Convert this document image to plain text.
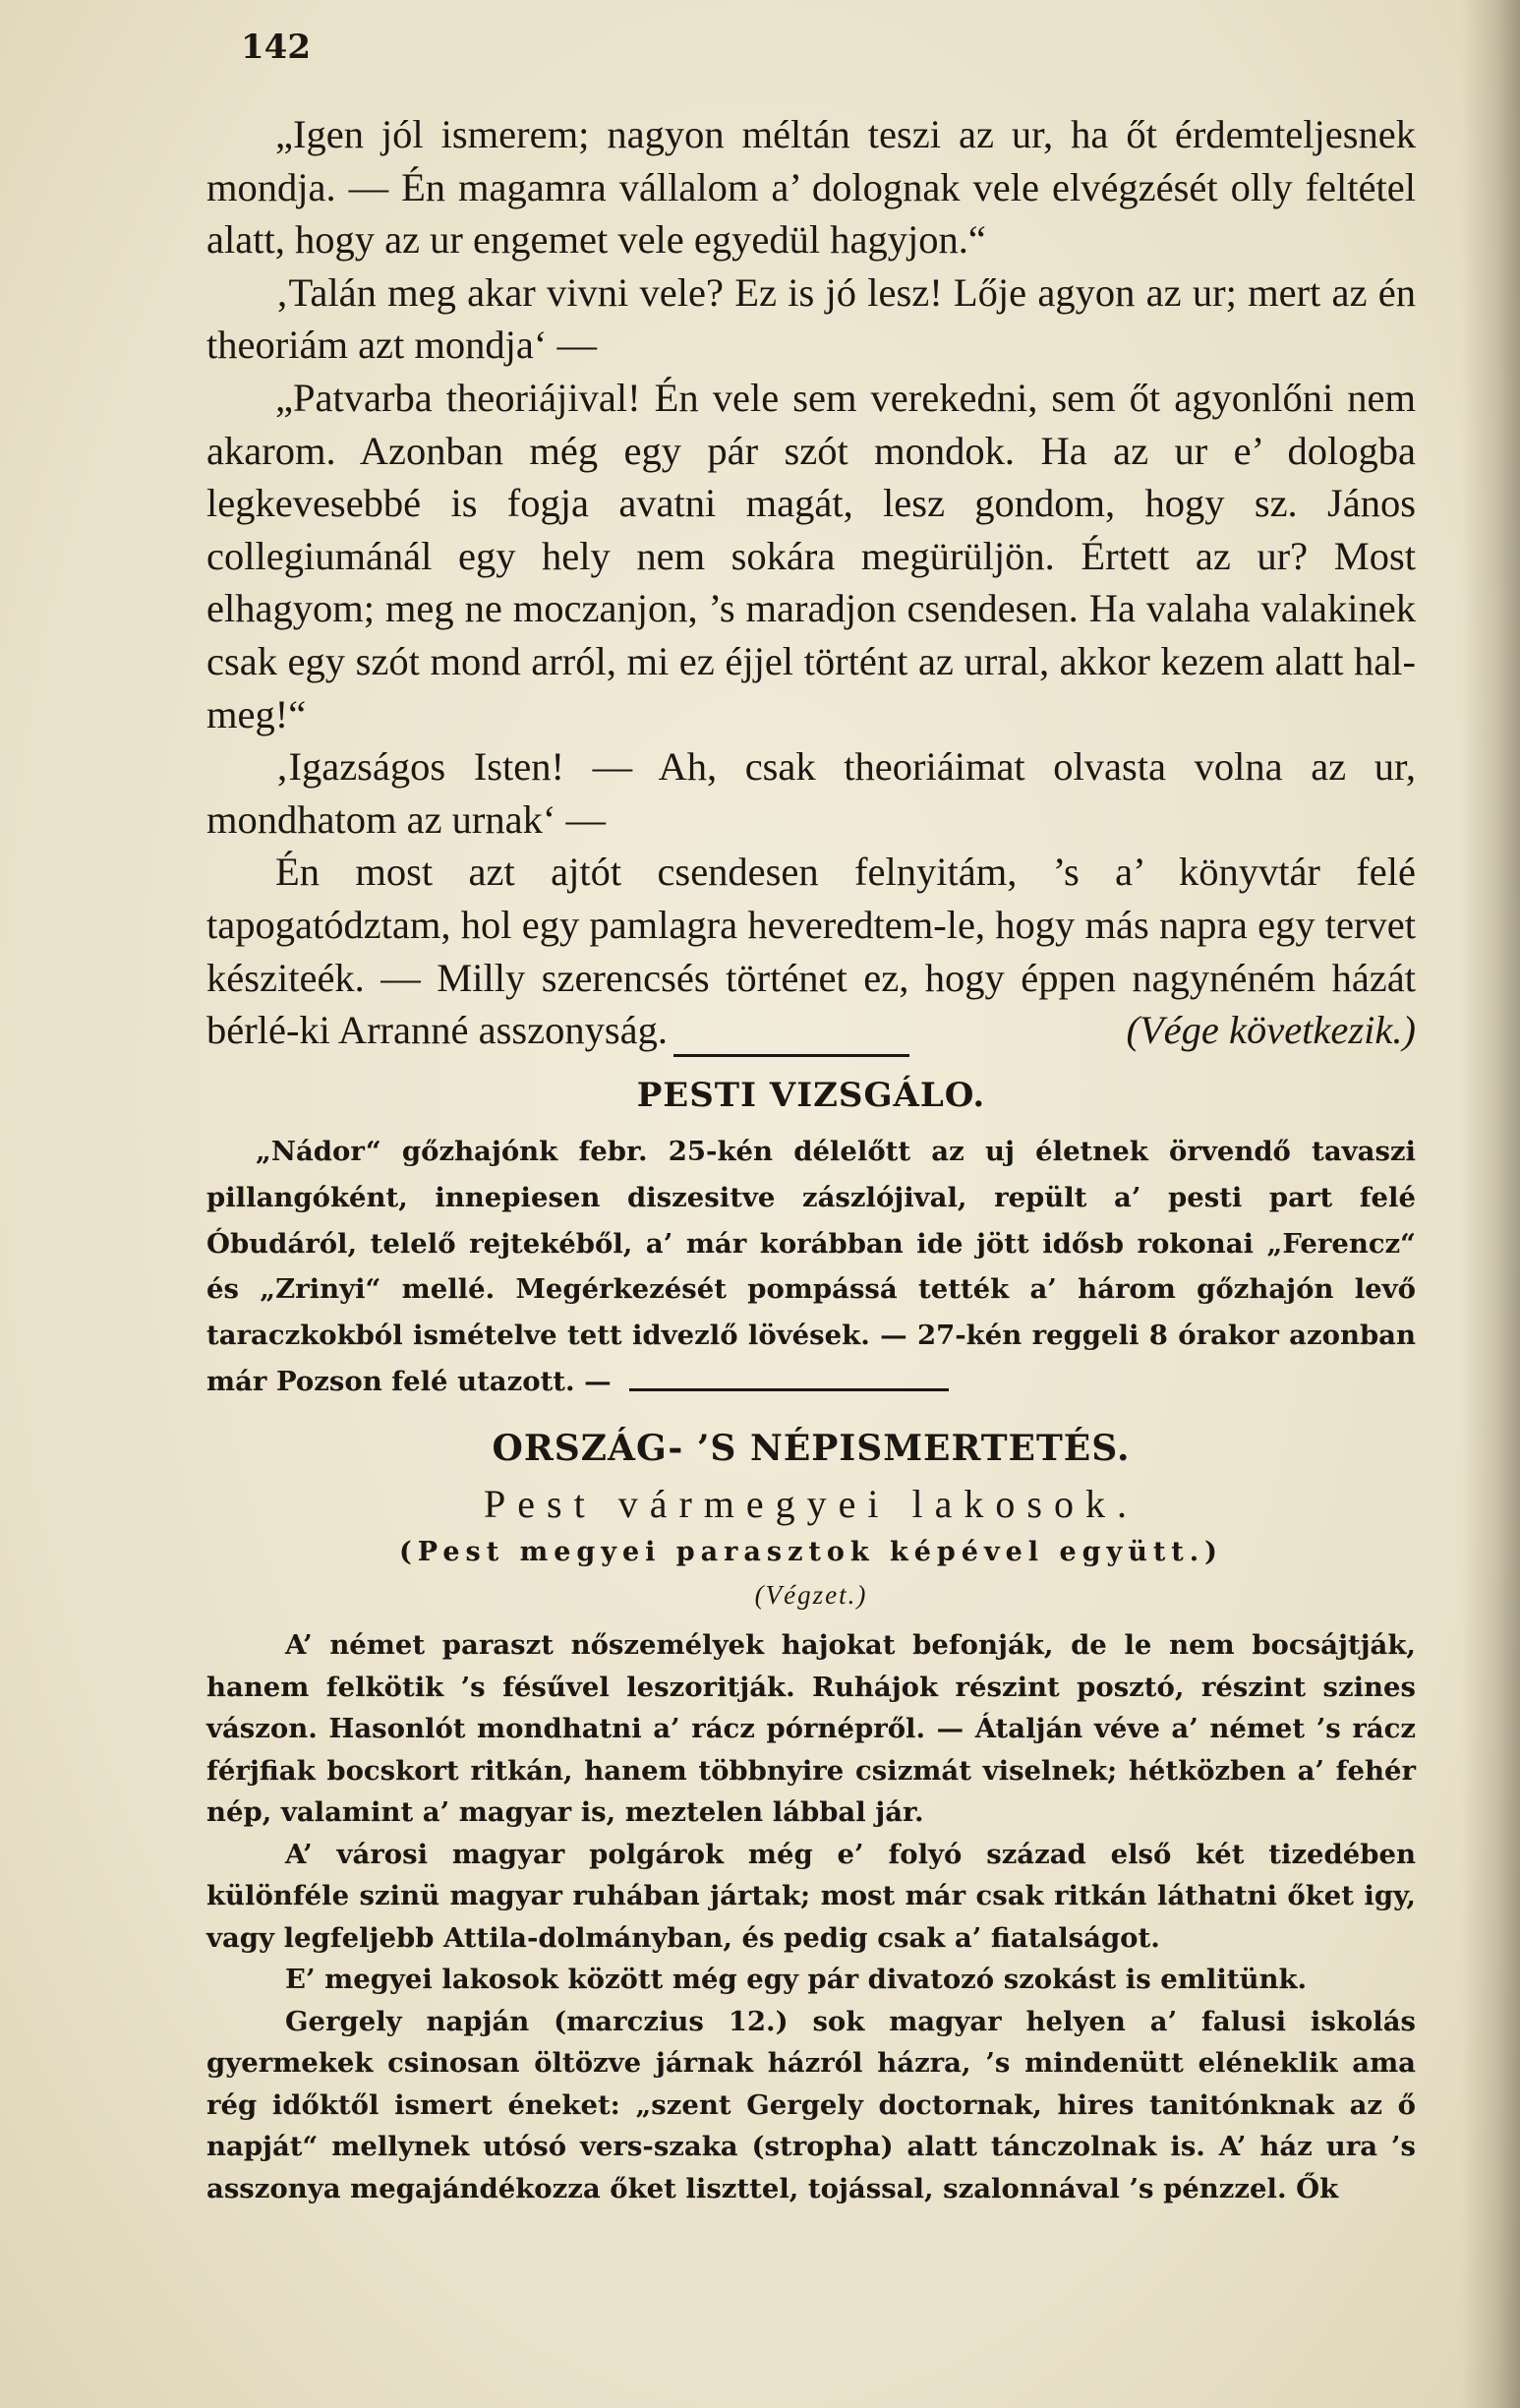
142

„Igen jól ismerem; nagyon méltán teszi az ur, ha őt érdemteljesnek mondja. — Én magamra vállalom a’ dolognak vele elvégzését olly feltétel alatt, hogy az ur engemet vele egyedül hagyjon.“

‚Talán meg akar vivni vele? Ez is jó lesz! Lője agyon az ur; mert az én theoriám azt mondja‘ —

„Patvarba theoriájival! Én vele sem verekedni, sem őt agyonlőni nem akarom. Azonban még egy pár szót mondok. Ha az ur e’ dologba legkevesebbé is fogja avatni magát, lesz gondom, hogy sz. János collegiumánál egy hely nem sokára megürüljön. Értett az ur? Most elhagyom; meg ne moczanjon, ’s maradjon csendesen. Ha valaha valakinek csak egy szót mond arról, mi ez éjjel történt az urral, akkor kezem alatt hal-meg!“

‚Igazságos Isten! — Ah, csak theoriáimat olvasta volna az ur, mondhatom az urnak‘ —

Én most azt ajtót csendesen felnyitám, ’s a’ könyvtár felé tapogatództam, hol egy pamlagra heveredtem-le, hogy más napra egy tervet késziteék. — Milly szerencsés történet ez, hogy éppen nagynéném házát bérlé-ki Arranné asszonyság.	(Vége következik.)

PESTI VIZSGÁLO.

„Nádor“ gőzhajónk febr. 25-kén délelőtt az uj életnek örvendő tavaszi pillangóként, innepiesen diszesitve zászlójival, repült a’ pesti part felé Óbudáról, telelő rejtekéből, a’ már korábban ide jött idősb rokonai „Ferencz“ és „Zrinyi“ mellé. Megérkezését pompássá tették a’ három gőzhajón levő taraczkokból ismételve tett idvezlő lövések. — 27-kén reggeli 8 órakor azonban már Pozson felé utazott. —

ORSZÁG- ’S NÉPISMERTETÉS.
Pest vármegyei lakosok.
(Pest megyei parasztok képével együtt.)
(Végzet.)

A’ német paraszt nőszemélyek hajokat befonják, de le nem bocsájtják, hanem felkötik ’s fésűvel leszoritják. Ruhájok részint posztó, részint szines vászon. Hasonlót mondhatni a’ rácz pórnépről. — Átalján véve a’ német ’s rácz férjfiak bocskort ritkán, hanem többnyire csizmát viselnek; hétközben a’ fehér nép, valamint a’ magyar is, meztelen lábbal jár.

A’ városi magyar polgárok még e’ folyó század első két tizedében különféle szinü magyar ruhában jártak; most már csak ritkán láthatni őket igy, vagy legfeljebb Attila-dolmányban, és pedig csak a’ fiatalságot.

E’ megyei lakosok között még egy pár divatozó szokást is emlitünk.

Gergely napján (marczius 12.) sok magyar helyen a’ falusi iskolás gyermekek csinosan öltözve járnak házról házra, ’s mindenütt eléneklik ama rég időktől ismert éneket: „szent Gergely doctornak, hires tanitónknak az ő napját“ mellynek utósó vers-szaka (stropha) alatt tánczolnak is. A’ ház ura ’s asszonya megajándékozza őket liszttel, tojással, szalonnával ’s pénzzel. Ők
